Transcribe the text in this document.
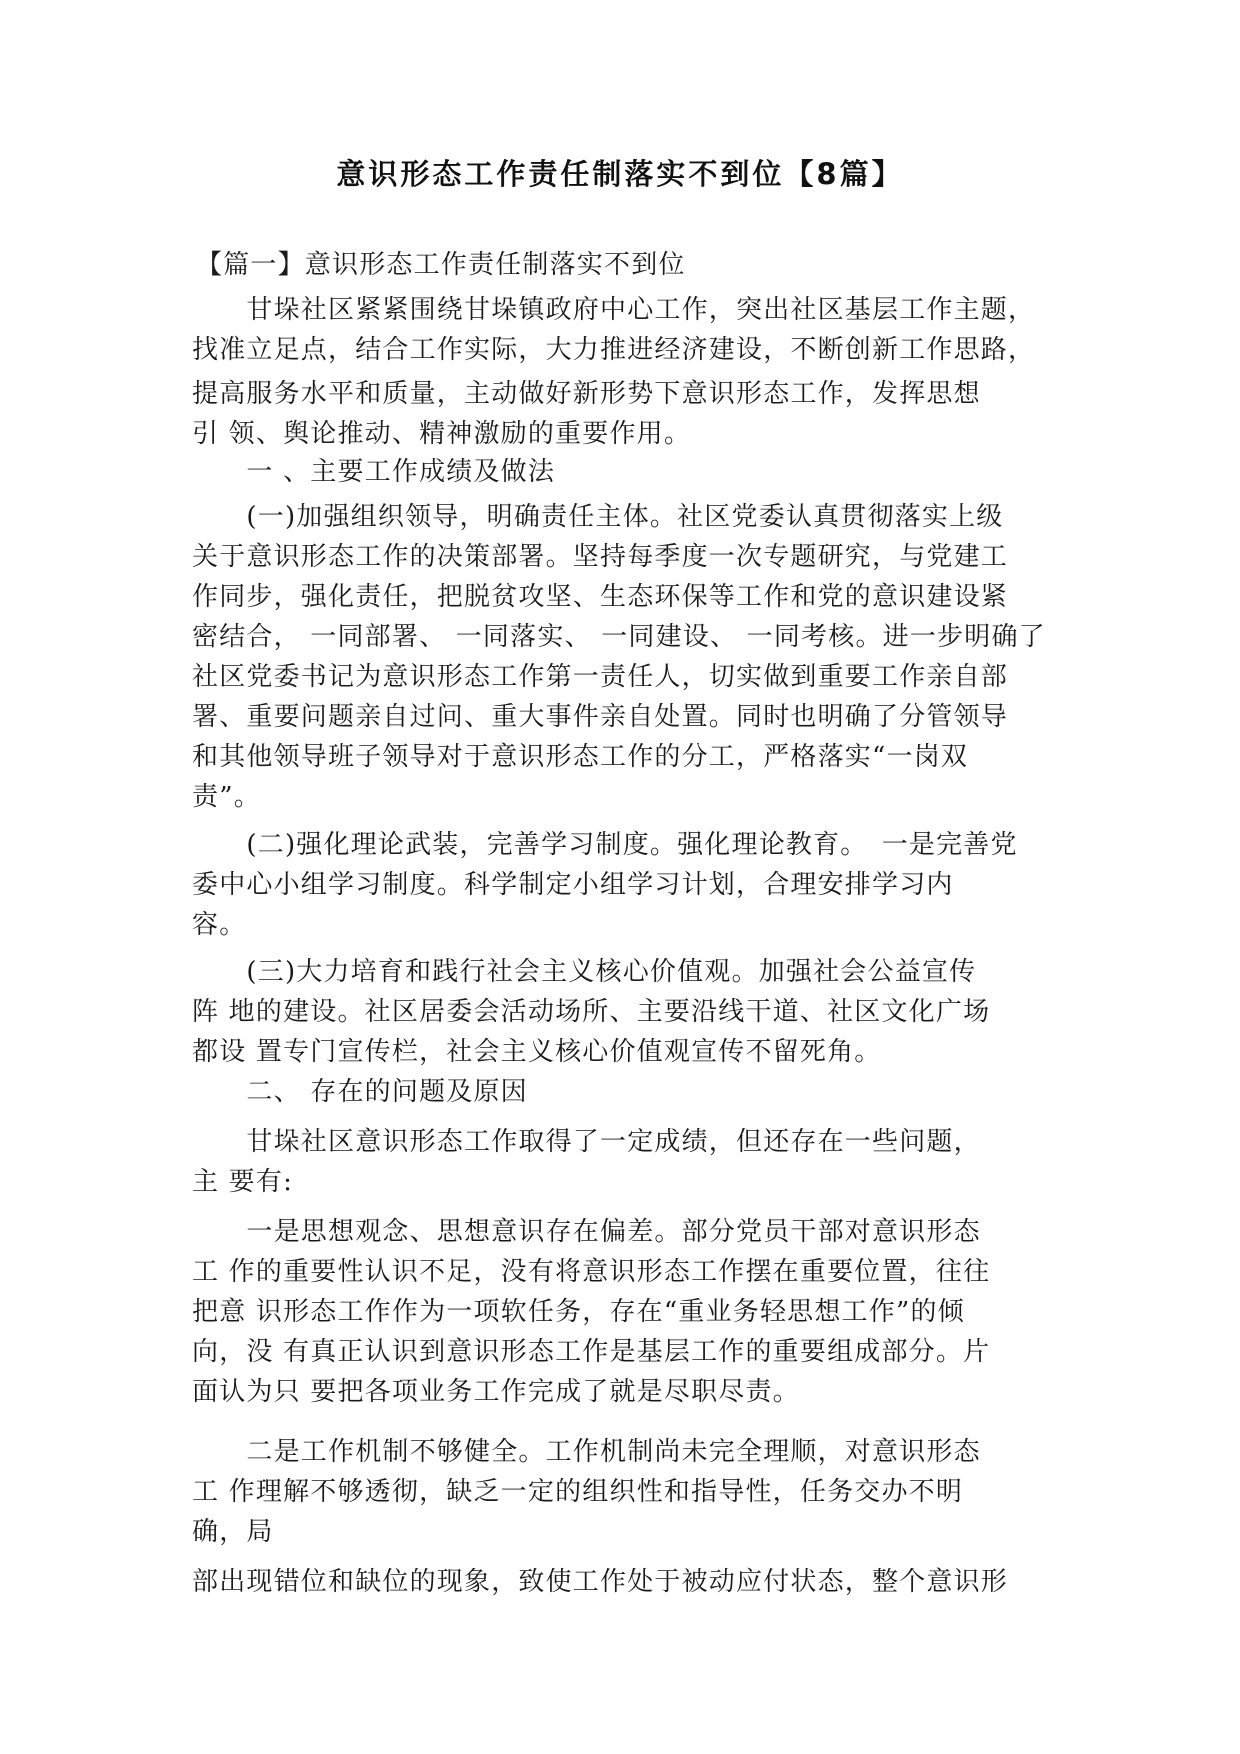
意识形态工作责任制落实不到位【8篇】

【篇一】意识形态工作责任制落实不到位

　　甘垛社区紧紧围绕甘垛镇政府中心工作，突出社区基层工作主题，

找准立足点，结合工作实际，大力推进经济建设，不断创新工作思路，

提高服务水平和质量，主动做好新形势下意识形态工作，发挥思想

引 领、舆论推动、精神激励的重要作用。

　　一 、主要工作成绩及做法

　　(一)加强组织领导，明确责任主体。社区党委认真贯彻落实上级

关于意识形态工作的决策部署。坚持每季度一次专题研究，与党建工

作同步，强化责任，把脱贫攻坚、生态环保等工作和党的意识建设紧

密结合， 一同部署、 一同落实、 一同建设、 一同考核。进一步明确了

社区党委书记为意识形态工作第一责任人，切实做到重要工作亲自部

署、重要问题亲自过问、重大事件亲自处置。同时也明确了分管领导

和其他领导班子领导对于意识形态工作的分工，严格落实“一岗双

责”。

　　(二)强化理论武装，完善学习制度。强化理论教育。　一是完善党

委中心小组学习制度。科学制定小组学习计划，合理安排学习内

容。

　　(三)大力培育和践行社会主义核心价值观。加强社会公益宣传

阵 地的建设。社区居委会活动场所、主要沿线干道、社区文化广场

都设 置专门宣传栏，社会主义核心价值观宣传不留死角。

　　二、 存在的问题及原因

　　甘垛社区意识形态工作取得了一定成绩，但还存在一些问题，

主 要有:

　　一是思想观念、思想意识存在偏差。部分党员干部对意识形态

工 作的重要性认识不足，没有将意识形态工作摆在重要位置，往往

把意 识形态工作作为一项软任务，存在“重业务轻思想工作”的倾

向，没 有真正认识到意识形态工作是基层工作的重要组成部分。片

面认为只 要把各项业务工作完成了就是尽职尽责。

　　二是工作机制不够健全。工作机制尚未完全理顺，对意识形态

工 作理解不够透彻，缺乏一定的组织性和指导性，任务交办不明

确，局

部出现错位和缺位的现象，致使工作处于被动应付状态，整个意识形
